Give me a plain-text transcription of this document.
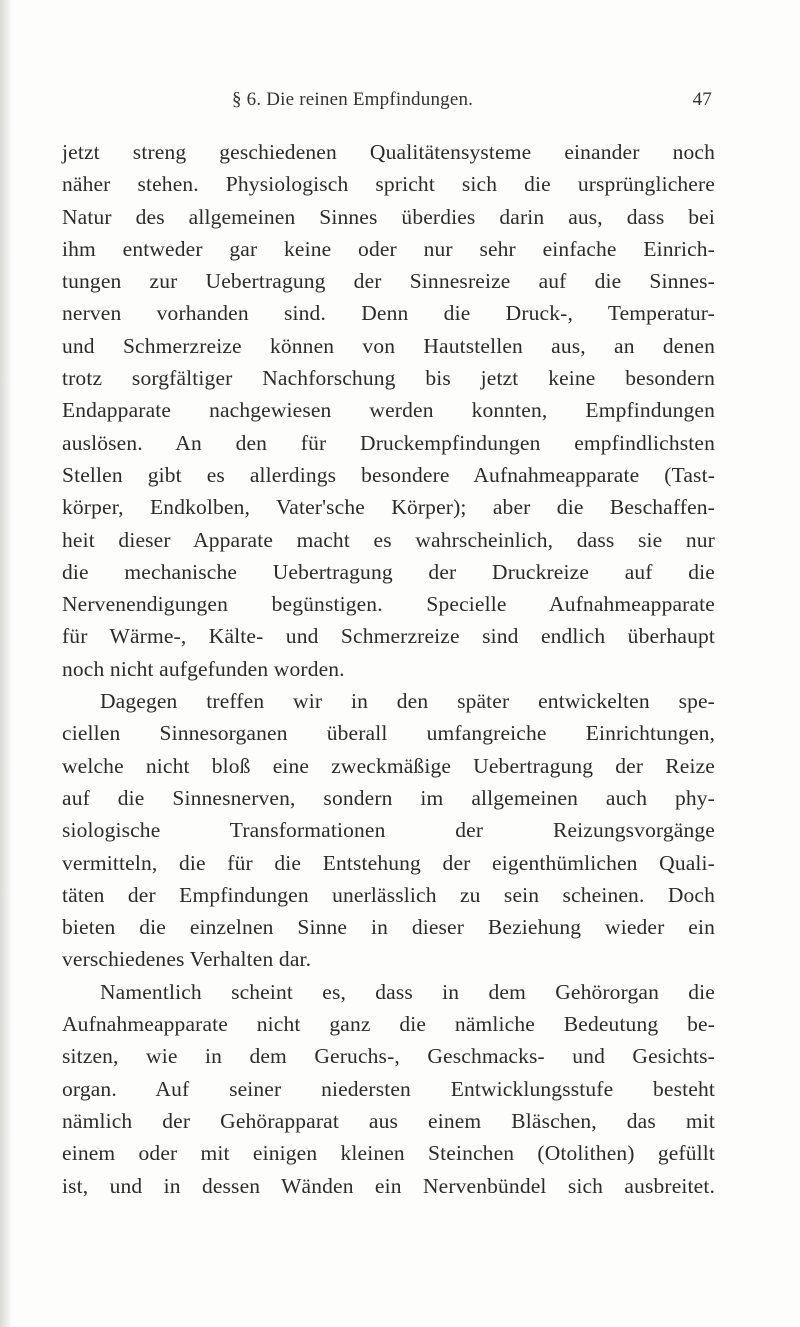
§ 6. Die reinen Empfindungen.	47
jetzt streng geschiedenen Qualitätensysteme einander noch
näher stehen. Physiologisch spricht sich die ursprünglichere
Natur des allgemeinen Sinnes überdies darin aus, dass bei
ihm entweder gar keine oder nur sehr einfache Einrich-
tungen zur Uebertragung der Sinnesreize auf die Sinnes-
nerven vorhanden sind. Denn die Druck-, Temperatur-
und Schmerzreize können von Hautstellen aus, an denen
trotz sorgfältiger Nachforschung bis jetzt keine besondern
Endapparate nachgewiesen werden konnten, Empfindungen
auslösen. An den für Druckempfindungen empfindlichsten
Stellen gibt es allerdings besondere Aufnahmeapparate (Tast-
körper, Endkolben, Vater'sche Körper); aber die Beschaffen-
heit dieser Apparate macht es wahrscheinlich, dass sie nur
die mechanische Uebertragung der Druckreize auf die
Nervenendigungen begünstigen. Specielle Aufnahmeapparate
für Wärme-, Kälte- und Schmerzreize sind endlich überhaupt
noch nicht aufgefunden worden.
Dagegen treffen wir in den später entwickelten spe-
ciellen Sinnesorganen überall umfangreiche Einrichtungen,
welche nicht bloß eine zweckmäßige Uebertragung der Reize
auf die Sinnesnerven, sondern im allgemeinen auch phy-
siologische Transformationen der Reizungsvorgänge
vermitteln, die für die Entstehung der eigenthümlichen Quali-
täten der Empfindungen unerlässlich zu sein scheinen. Doch
bieten die einzelnen Sinne in dieser Beziehung wieder ein
verschiedenes Verhalten dar.
Namentlich scheint es, dass in dem Gehörorgan die
Aufnahmeapparate nicht ganz die nämliche Bedeutung be-
sitzen, wie in dem Geruchs-, Geschmacks- und Gesichts-
organ. Auf seiner niedersten Entwicklungsstufe besteht
nämlich der Gehörapparat aus einem Bläschen, das mit
einem oder mit einigen kleinen Steinchen (Otolithen) gefüllt
ist, und in dessen Wänden ein Nervenbündel sich ausbreitet.
